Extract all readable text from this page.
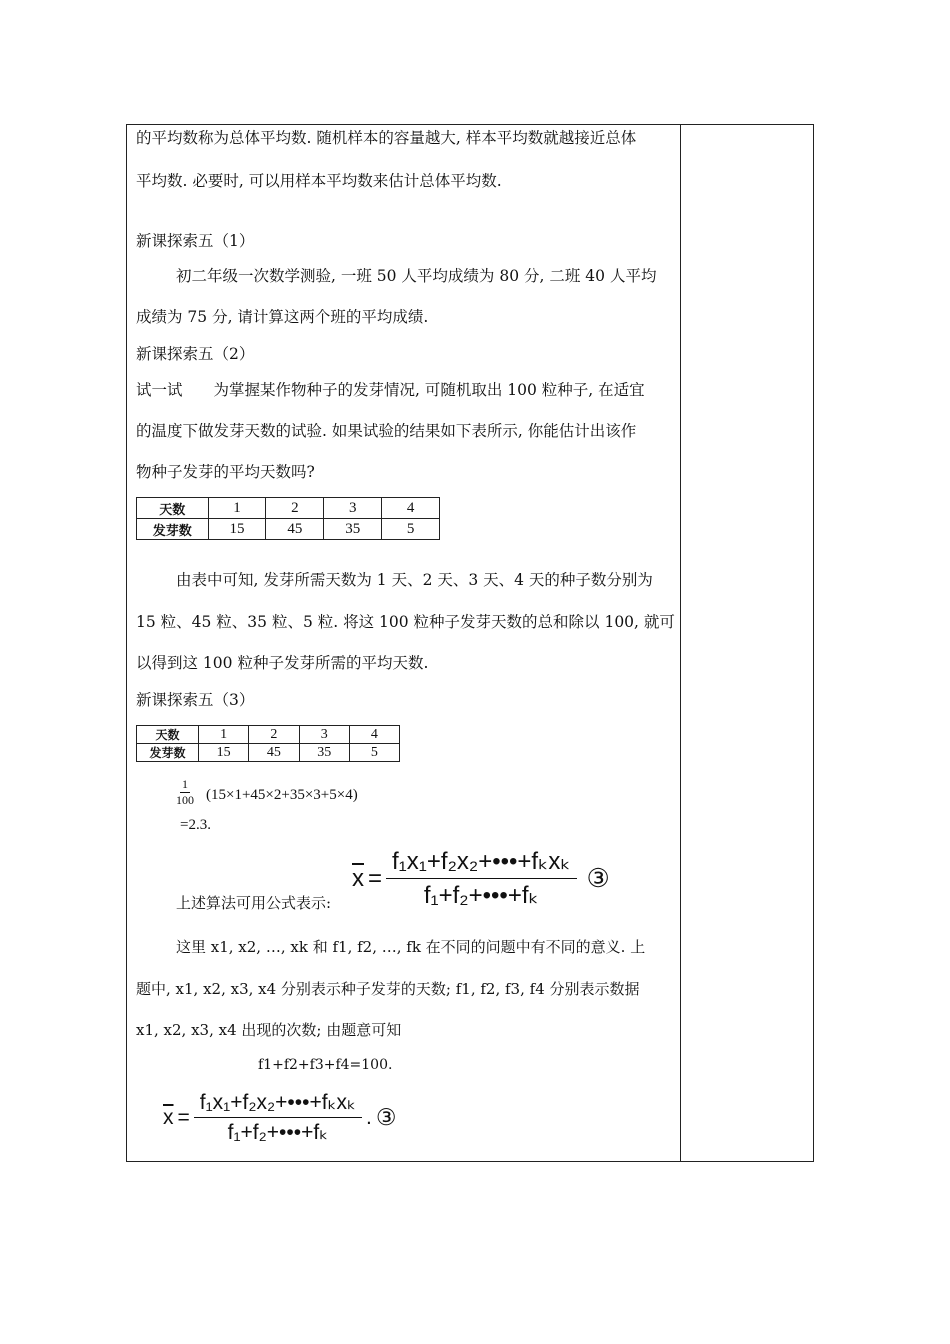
的平均数称为总体平均数. 随机样本的容量越大, 样本平均数就越接近总体
平均数. 必要时, 可以用样本平均数来估计总体平均数.
新课探索五（1）
初二年级一次数学测验, 一班 50 人平均成绩为 80 分, 二班 40 人平均
成绩为 75 分, 请计算这两个班的平均成绩.
新课探索五（2）
试一试　　为掌握某作物种子的发芽情况, 可随机取出 100 粒种子, 在适宜
的温度下做发芽天数的试验. 如果试验的结果如下表所示, 你能估计出该作
物种子发芽的平均天数吗?
天数	1	2	3	4
发芽数	15	45	35	5
由表中可知, 发芽所需天数为 1 天、2 天、3 天、4 天的种子数分别为
15 粒、45 粒、35 粒、5 粒. 将这 100 粒种子发芽天数的总和除以 100, 就可
以得到这 100 粒种子发芽所需的平均天数.
新课探索五（3）
天数	1	2	3	4
发芽数	15	45	35	5
$\frac{1}{100} (15\times 1+45\times 2+35\times 3+5\times 4)$
=2.3.
上述算法可用公式表示:
$\overline{x} = \frac{\text{f₁x₁+f₂x₂+•••+fₖxₖ}}{\text{f₁+f₂+•••+fₖ}}$ ③
这里 x1, x2, …, xk 和 f1, f2, …, fk 在不同的问题中有不同的意义. 上
题中, x1, x2, x3, x4 分别表示种子发芽的天数; f1, f2, f3, f4 分别表示数据
x1, x2, x3, x4 出现的次数; 由题意可知
f1+f2+f3+f4=100.
$\overline{x} = \frac{\text{f₁x₁+f₂x₂+•••+fₖxₖ}}{\text{f₁+f₂+•••+fₖ}}$ . ③
